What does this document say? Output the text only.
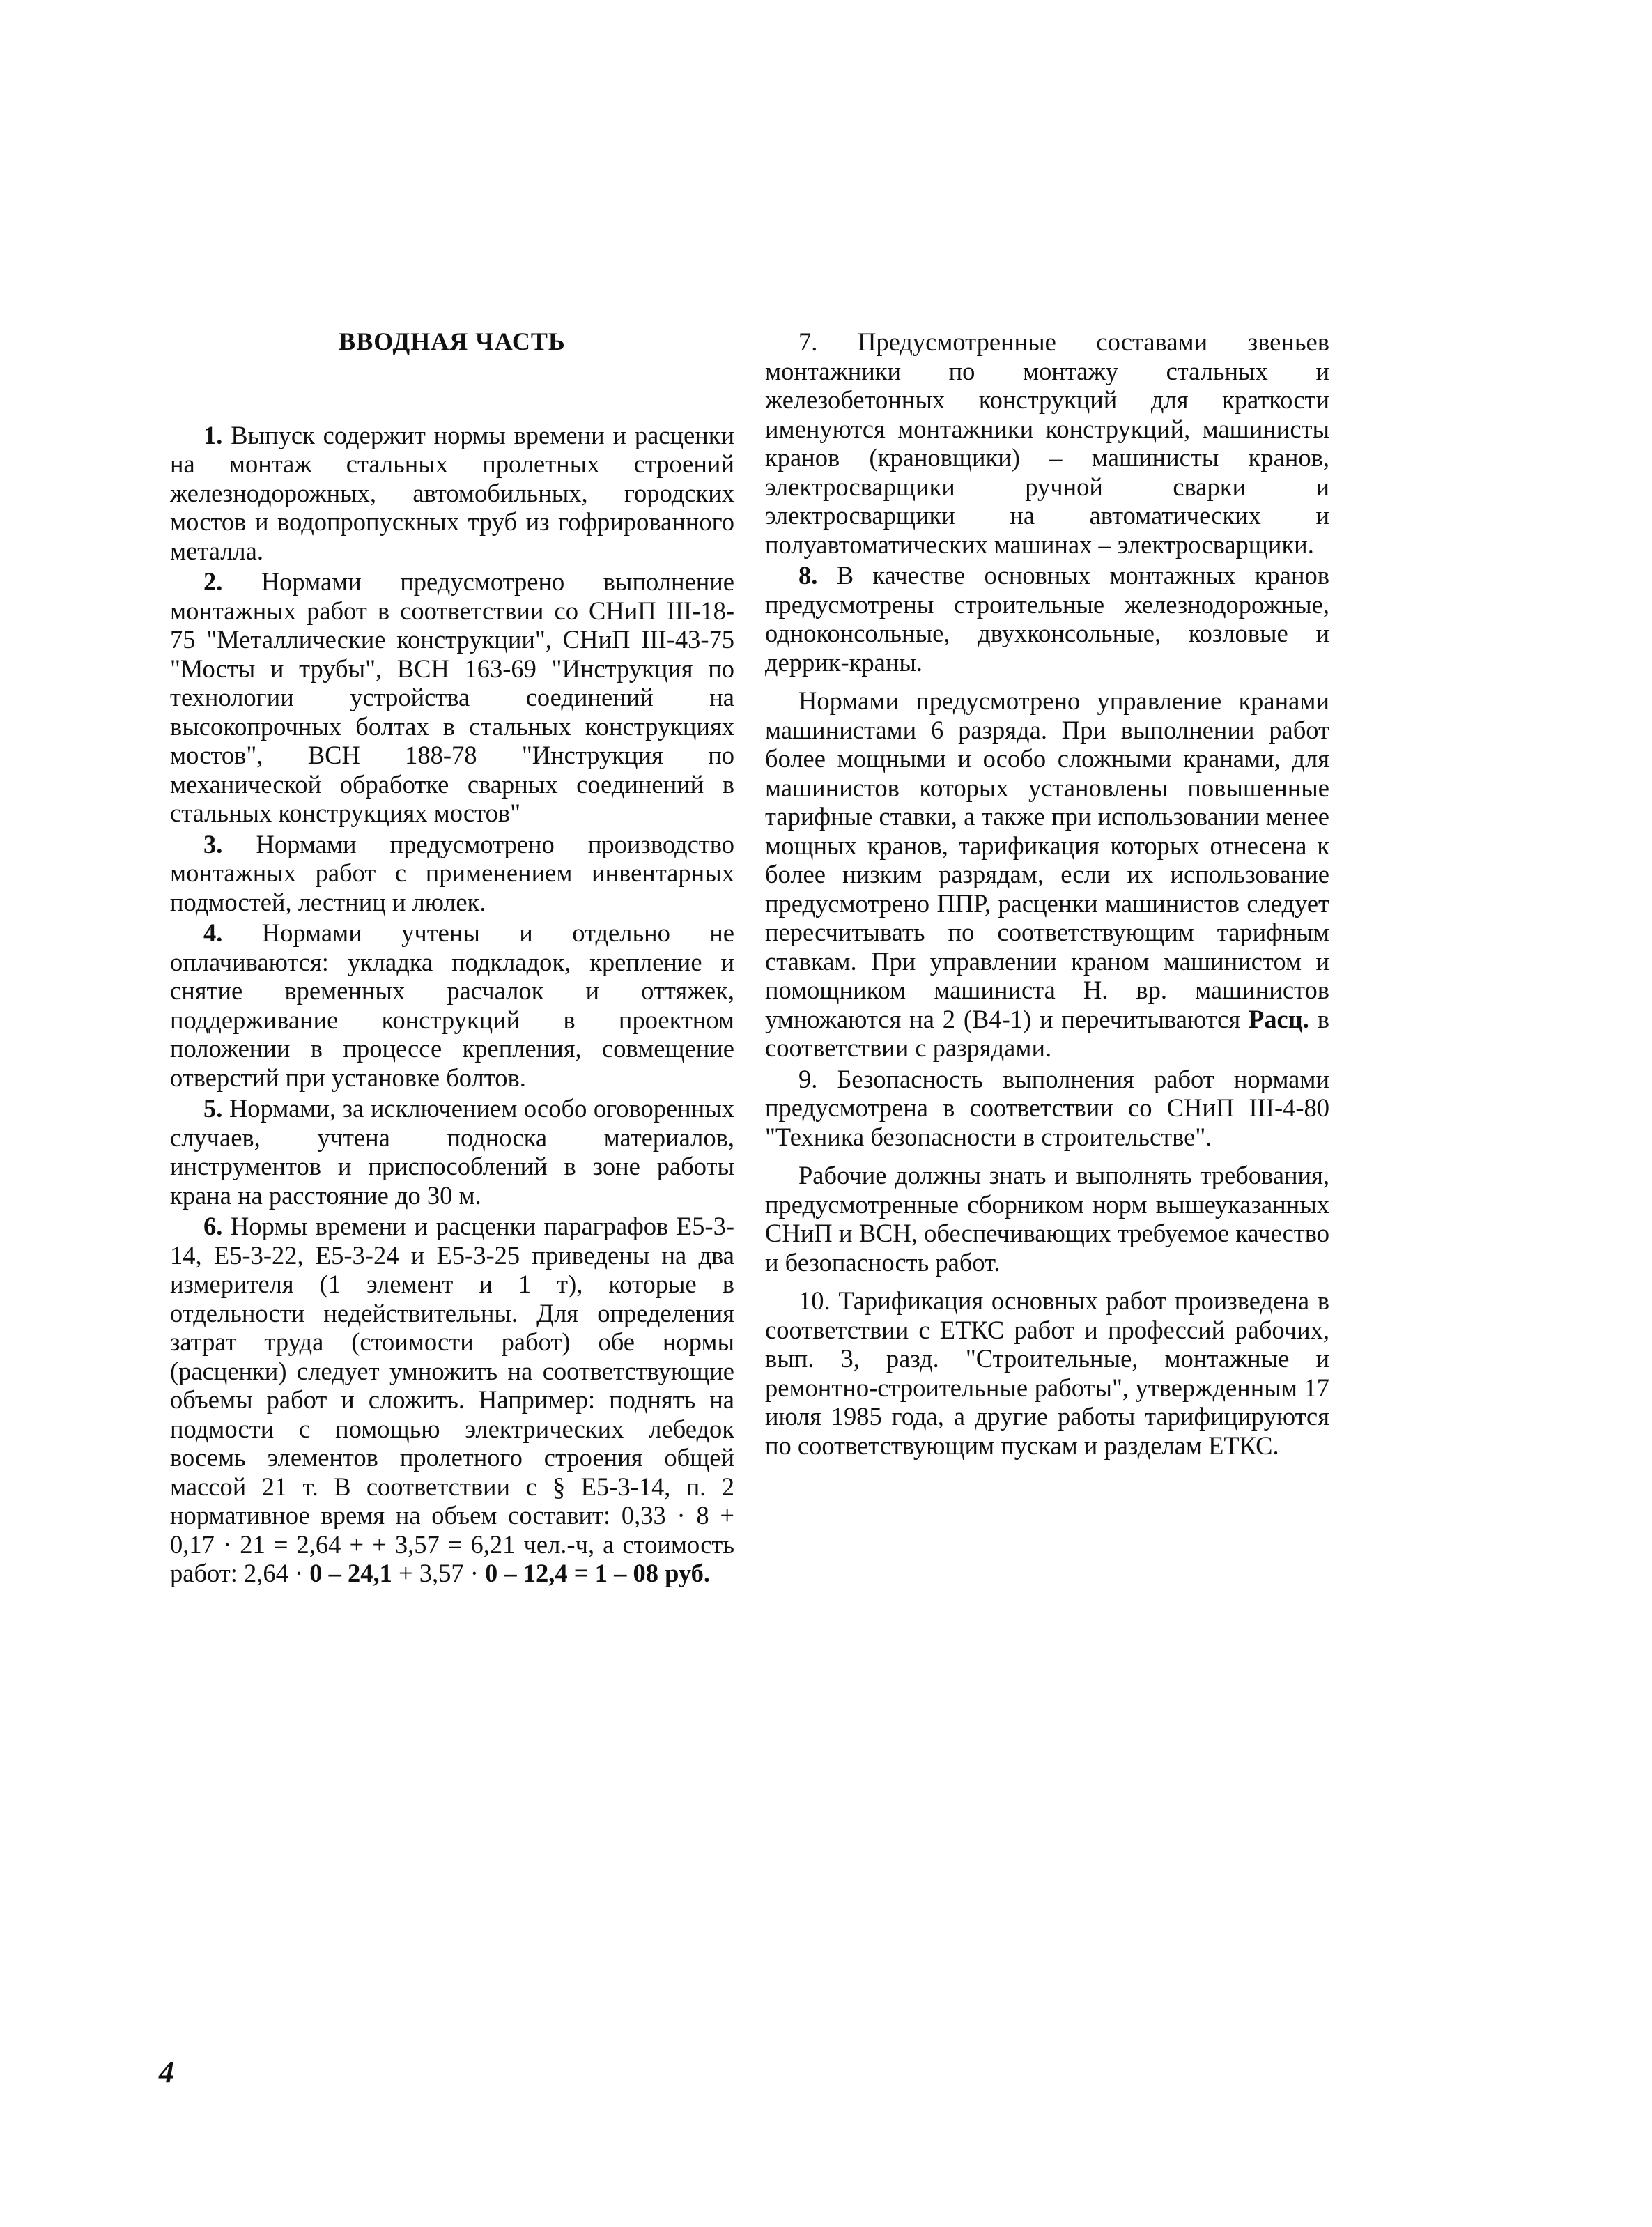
ВВОДНАЯ ЧАСТЬ

1. Выпуск содержит нормы времени и расценки на монтаж стальных пролетных строений железнодорожных, автомобильных, городских мостов и водопропускных труб из гофрированного металла.

2. Нормами предусмотрено выполнение монтажных работ в соответствии со СНиП III-18-75 "Металлические конструкции", СНиП III-43-75 "Мосты и трубы", ВСН 163-69 "Инструкция по технологии устройства соединений на высокопрочных болтах в стальных конструкциях мостов", ВСН 188-78 "Инструкция по механической обработке сварных соединений в стальных конструкциях мостов"

3. Нормами предусмотрено производство монтажных работ с применением инвентарных подмостей, лестниц и люлек.

4. Нормами учтены и отдельно не оплачиваются: укладка подкладок, крепление и снятие временных расчалок и оттяжек, поддерживание конструкций в проектном положении в процессе крепления, совмещение отверстий при установке болтов.

5. Нормами, за исключением особо оговоренных случаев, учтена подноска материалов, инструментов и приспособлений в зоне работы крана на расстояние до 30 м.

6. Нормы времени и расценки параграфов Е5-3-14, Е5-3-22, Е5-3-24 и Е5-3-25 приведены на два измерителя (1 элемент и 1 т), которые в отдельности недействительны. Для определения затрат труда (стоимости работ) обе нормы (расценки) следует умножить на соответствующие объемы работ и сложить. Например: поднять на подмости с помощью электрических лебедок восемь элементов пролетного строения общей массой 21 т. В соответствии с § Е5-3-14, п. 2 нормативное время на объем составит: 0,33 · 8 + 0,17 · 21 = 2,64 + + 3,57 = 6,21 чел.-ч, а стоимость работ: 2,64 · 0 – 24,1 + 3,57 · 0 – 12,4 = 1 – 08 руб.

7. Предусмотренные составами звеньев монтажники по монтажу стальных и железобетонных конструкций для краткости именуются монтажники конструкций, машинисты кранов (крановщики) – машинисты кранов, электросварщики ручной сварки и электросварщики на автоматических и полуавтоматических машинах – электросварщики.

8. В качестве основных монтажных кранов предусмотрены строительные железнодорожные, одноконсольные, двухконсольные, козловые и деррик-краны.

Нормами предусмотрено управление кранами машинистами 6 разряда. При выполнении работ более мощными и особо сложными кранами, для машинистов которых установлены повышенные тарифные ставки, а также при использовании менее мощных кранов, тарификация которых отнесена к более низким разрядам, если их использование предусмотрено ППР, расценки машинистов следует пересчитывать по соответствующим тарифным ставкам. При управлении краном машинистом и помощником машиниста Н. вр. машинистов умножаются на 2 (В4-1) и перечитываются Расц. в соответствии с разрядами.

9. Безопасность выполнения работ нормами предусмотрена в соответствии со СНиП III-4-80 "Техника безопасности в строительстве".

Рабочие должны знать и выполнять требования, предусмотренные сборником норм вышеуказанных СНиП и ВСН, обеспечивающих требуемое качество и безопасность работ.

10. Тарификация основных работ произведена в соответствии с ЕТКС работ и профессий рабочих, вып. 3, разд. "Строительные, монтажные и ремонтно-строительные работы", утвержденным 17 июля 1985 года, а другие работы тарифицируются по соответствующим пускам и разделам ЕТКС.

4
